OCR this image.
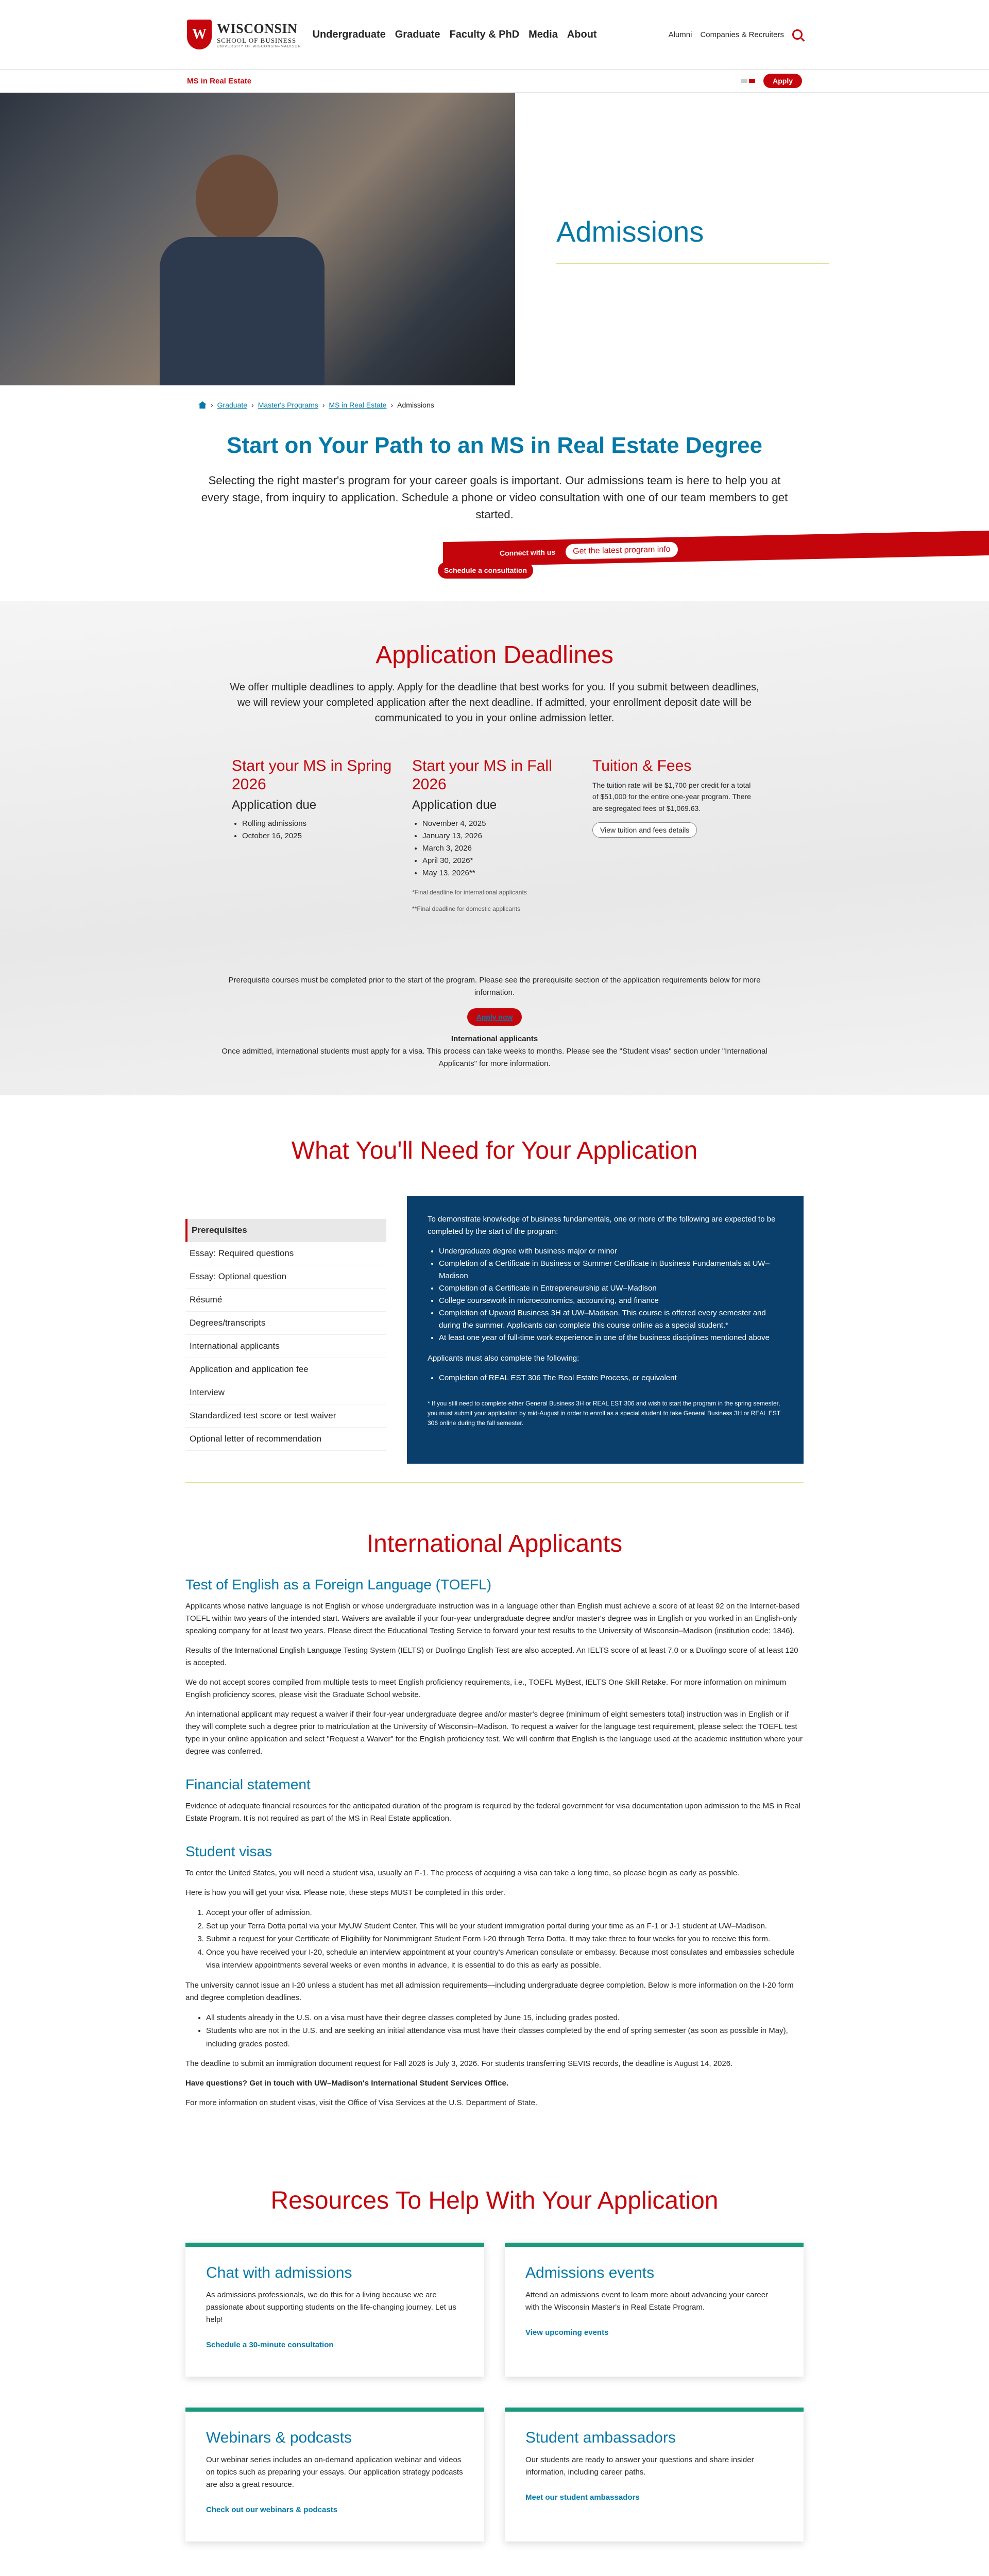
W WISCONSIN
SCHOOL OF BUSINESS
UNIVERSITY OF WISCONSIN–MADISON
Undergraduate Graduate Faculty & PhD Media About	Alumni Companies & Recruiters
MS in Real Estate	Apply
Admissions
› Graduate › Master's Programs › MS in Real Estate › Admissions
Start on Your Path to an MS in Real Estate Degree

Selecting the right master's program for your career goals is important. Our admissions team is here to help you at every stage, from inquiry to application. Schedule a phone or video consultation with one of our team members to get started.

Connect with us	Get the latest program info
Schedule a consultation
Application Deadlines

We offer multiple deadlines to apply. Apply for the deadline that best works for you. If you submit between deadlines, we will review your completed application after the next deadline. If admitted, your enrollment deposit date will be communicated to you in your online admission letter.

Start your MS in Spring 2026
Application due
• Rolling admissions
• October 16, 2025
Start your MS in Fall 2026
Application due
• November 4, 2025
• January 13, 2026
• March 3, 2026
• April 30, 2026*
• May 13, 2026**
*Final deadline for international applicants
**Final deadline for domestic applicants
Tuition & Fees

The tuition rate will be $1,700 per credit for a total of $51,000 for the entire one-year program. There are segregated fees of $1,069.63.

View tuition and fees details

Prerequisite courses must be completed prior to the start of the program. Please see the prerequisite section of the application requirements below for more information.

Apply now

International applicants

Once admitted, international students must apply for a visa. This process can take weeks to months. Please see the "Student visas" section under "International Applicants" for more information.

What You'll Need for Your Application
Prerequisites
Essay: Required questions
Essay: Optional question
Résumé
Degrees/transcripts
International applicants
Application and application fee
Interview
Standardized test score or test waiver
Optional letter of recommendation

To demonstrate knowledge of business fundamentals, one or more of the following are expected to be completed by the start of the program:

• Undergraduate degree with business major or minor
• Completion of a Certificate in Business or Summer Certificate in Business Fundamentals at UW–Madison
• Completion of a Certificate in Entrepreneurship at UW–Madison
• College coursework in microeconomics, accounting, and finance
• Completion of Upward Business 3H at UW–Madison. This course is offered every semester and during the summer. Applicants can complete this course online as a special student.*
• At least one year of full-time work experience in one of the business disciplines mentioned above

Applicants must also complete the following:

• Completion of REAL EST 306 The Real Estate Process, or equivalent

* If you still need to complete either General Business 3H or REAL EST 306 and wish to start the program in the spring semester, you must submit your application by mid-August in order to enroll as a special student to take General Business 3H or REAL EST 306 online during the fall semester.

International Applicants
Test of English as a Foreign Language (TOEFL)

Applicants whose native language is not English or whose undergraduate instruction was in a language other than English must achieve a score of at least 92 on the Internet-based TOEFL within two years of the intended start. Waivers are available if your four-year undergraduate degree and/or master's degree was in English or you worked in an English-only speaking company for at least two years. Please direct the Educational Testing Service to forward your test results to the University of Wisconsin–Madison (institution code: 1846).

Results of the International English Language Testing System (IELTS) or Duolingo English Test are also accepted. An IELTS score of at least 7.0 or a Duolingo score of at least 120 is accepted.

We do not accept scores compiled from multiple tests to meet English proficiency requirements, i.e., TOEFL MyBest, IELTS One Skill Retake. For more information on minimum English proficiency scores, please visit the Graduate School website.

An international applicant may request a waiver if their four-year undergraduate degree and/or master's degree (minimum of eight semesters total) instruction was in English or if they will complete such a degree prior to matriculation at the University of Wisconsin–Madison. To request a waiver for the language test requirement, please select the TOEFL test type in your online application and select "Request a Waiver" for the English proficiency test. We will confirm that English is the language used at the academic institution where your degree was conferred.

Financial statement

Evidence of adequate financial resources for the anticipated duration of the program is required by the federal government for visa documentation upon admission to the MS in Real Estate Program. It is not required as part of the MS in Real Estate application.

Student visas

To enter the United States, you will need a student visa, usually an F-1. The process of acquiring a visa can take a long time, so please begin as early as possible.

Here is how you will get your visa. Please note, these steps MUST be completed in this order.

1. Accept your offer of admission.
2. Set up your Terra Dotta portal via your MyUW Student Center. This will be your student immigration portal during your time as an F-1 or J-1 student at UW–Madison.
3. Submit a request for your Certificate of Eligibility for Nonimmigrant Student Form I-20 through Terra Dotta. It may take three to four weeks for you to receive this form.
4. Once you have received your I-20, schedule an interview appointment at your country's American consulate or embassy. Because most consulates and embassies schedule visa interview appointments several weeks or even months in advance, it is essential to do this as early as possible.

The university cannot issue an I-20 unless a student has met all admission requirements—including undergraduate degree completion. Below is more information on the I-20 form and degree completion deadlines.

• All students already in the U.S. on a visa must have their degree classes completed by June 15, including grades posted.
• Students who are not in the U.S. and are seeking an initial attendance visa must have their classes completed by the end of spring semester (as soon as possible in May), including grades posted.

The deadline to submit an immigration document request for Fall 2026 is July 3, 2026. For students transferring SEVIS records, the deadline is August 14, 2026.

Have questions? Get in touch with UW–Madison's International Student Services Office.

For more information on student visas, visit the Office of Visa Services at the U.S. Department of State.

Resources To Help With Your Application
Chat with admissions

As admissions professionals, we do this for a living because we are passionate about supporting students on the life-changing journey. Let us help!

Schedule a 30-minute consultation
Admissions events

Attend an admissions event to learn more about advancing your career with the Wisconsin Master's in Real Estate Program.

View upcoming events
Webinars & podcasts

Our webinar series includes an on-demand application webinar and videos on topics such as preparing your essays. Our application strategy podcasts are also a great resource.

Check out our webinars & podcasts
Student ambassadors

Our students are ready to answer your questions and share insider information, including career paths.

Meet our student ambassadors
